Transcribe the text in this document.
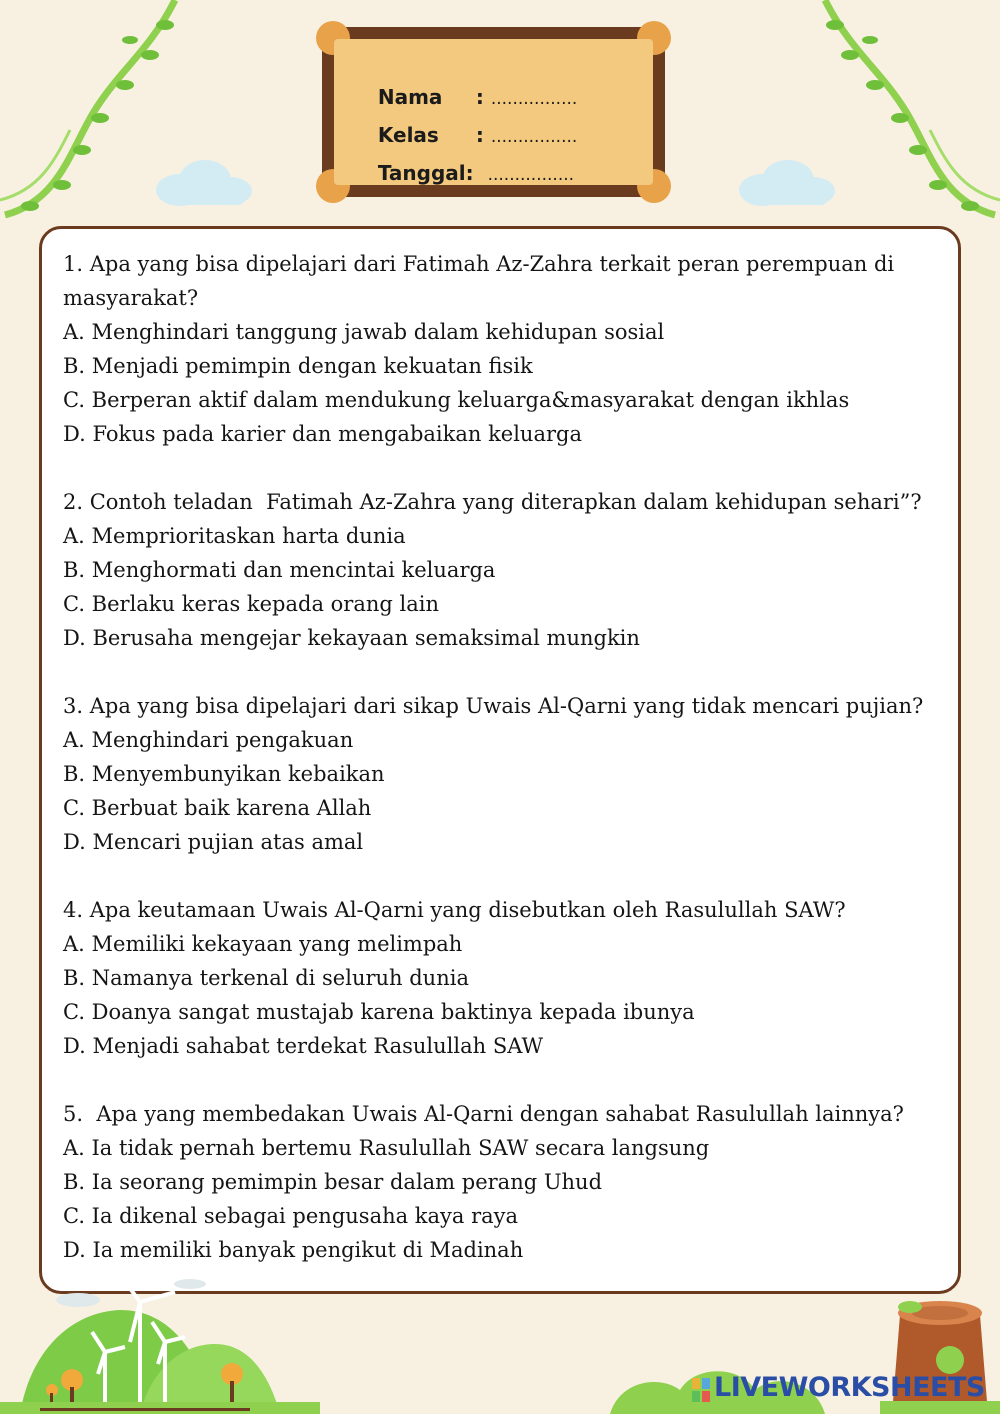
Nama : ................

Kelas : ................

Tanggal: ................

1. Apa yang bisa dipelajari dari Fatimah Az-Zahra terkait peran perempuan di
masyarakat?
A. Menghindari tanggung jawab dalam kehidupan sosial
B. Menjadi pemimpin dengan kekuatan fisik
C. Berperan aktif dalam mendukung keluarga&masyarakat dengan ikhlas
D. Fokus pada karier dan mengabaikan keluarga
2. Contoh teladan  Fatimah Az-Zahra yang diterapkan dalam kehidupan sehari”?
A. Memprioritaskan harta dunia
B. Menghormati dan mencintai keluarga
C. Berlaku keras kepada orang lain
D. Berusaha mengejar kekayaan semaksimal mungkin
3. Apa yang bisa dipelajari dari sikap Uwais Al-Qarni yang tidak mencari pujian?
A. Menghindari pengakuan
B. Menyembunyikan kebaikan
C. Berbuat baik karena Allah
D. Mencari pujian atas amal
4. Apa keutamaan Uwais Al-Qarni yang disebutkan oleh Rasulullah SAW?
A. Memiliki kekayaan yang melimpah
B. Namanya terkenal di seluruh dunia
C. Doanya sangat mustajab karena baktinya kepada ibunya
D. Menjadi sahabat terdekat Rasulullah SAW
5.  Apa yang membedakan Uwais Al-Qarni dengan sahabat Rasulullah lainnya?
A. Ia tidak pernah bertemu Rasulullah SAW secara langsung
B. Ia seorang pemimpin besar dalam perang Uhud
C. Ia dikenal sebagai pengusaha kaya raya
D. Ia memiliki banyak pengikut di Madinah
LIVEWORKSHEETS
